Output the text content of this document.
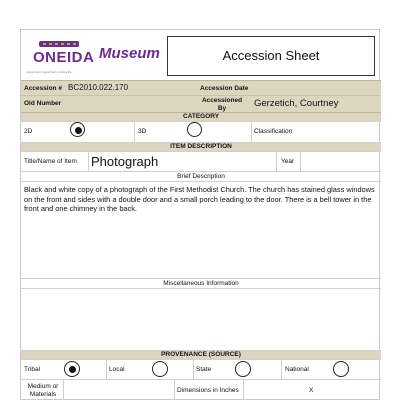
ONEIDA
A good mind. A good heart. A strong fire.
Museum	Accession Sheet
Accession # BC2010.022.170	Accession Date
Old Number	Accessioned By	Gerzetich, Courtney
CATEGORY
2D	3D	Classification
ITEM DESCRIPTION
Title/Name of Item Photograph	Year
Brief Description
Black and white copy of a photograph of the First Methodist Church. The church has stained glass windows on the front and sides with a double door and a small porch leading to the door. There is a bell tower in the front and one chimney in the back.
Miscellaneous Information
PROVENANCE (SOURCE)
Tribal	Local	State	National
Medium or Materials	Dimensions in Inches	X
